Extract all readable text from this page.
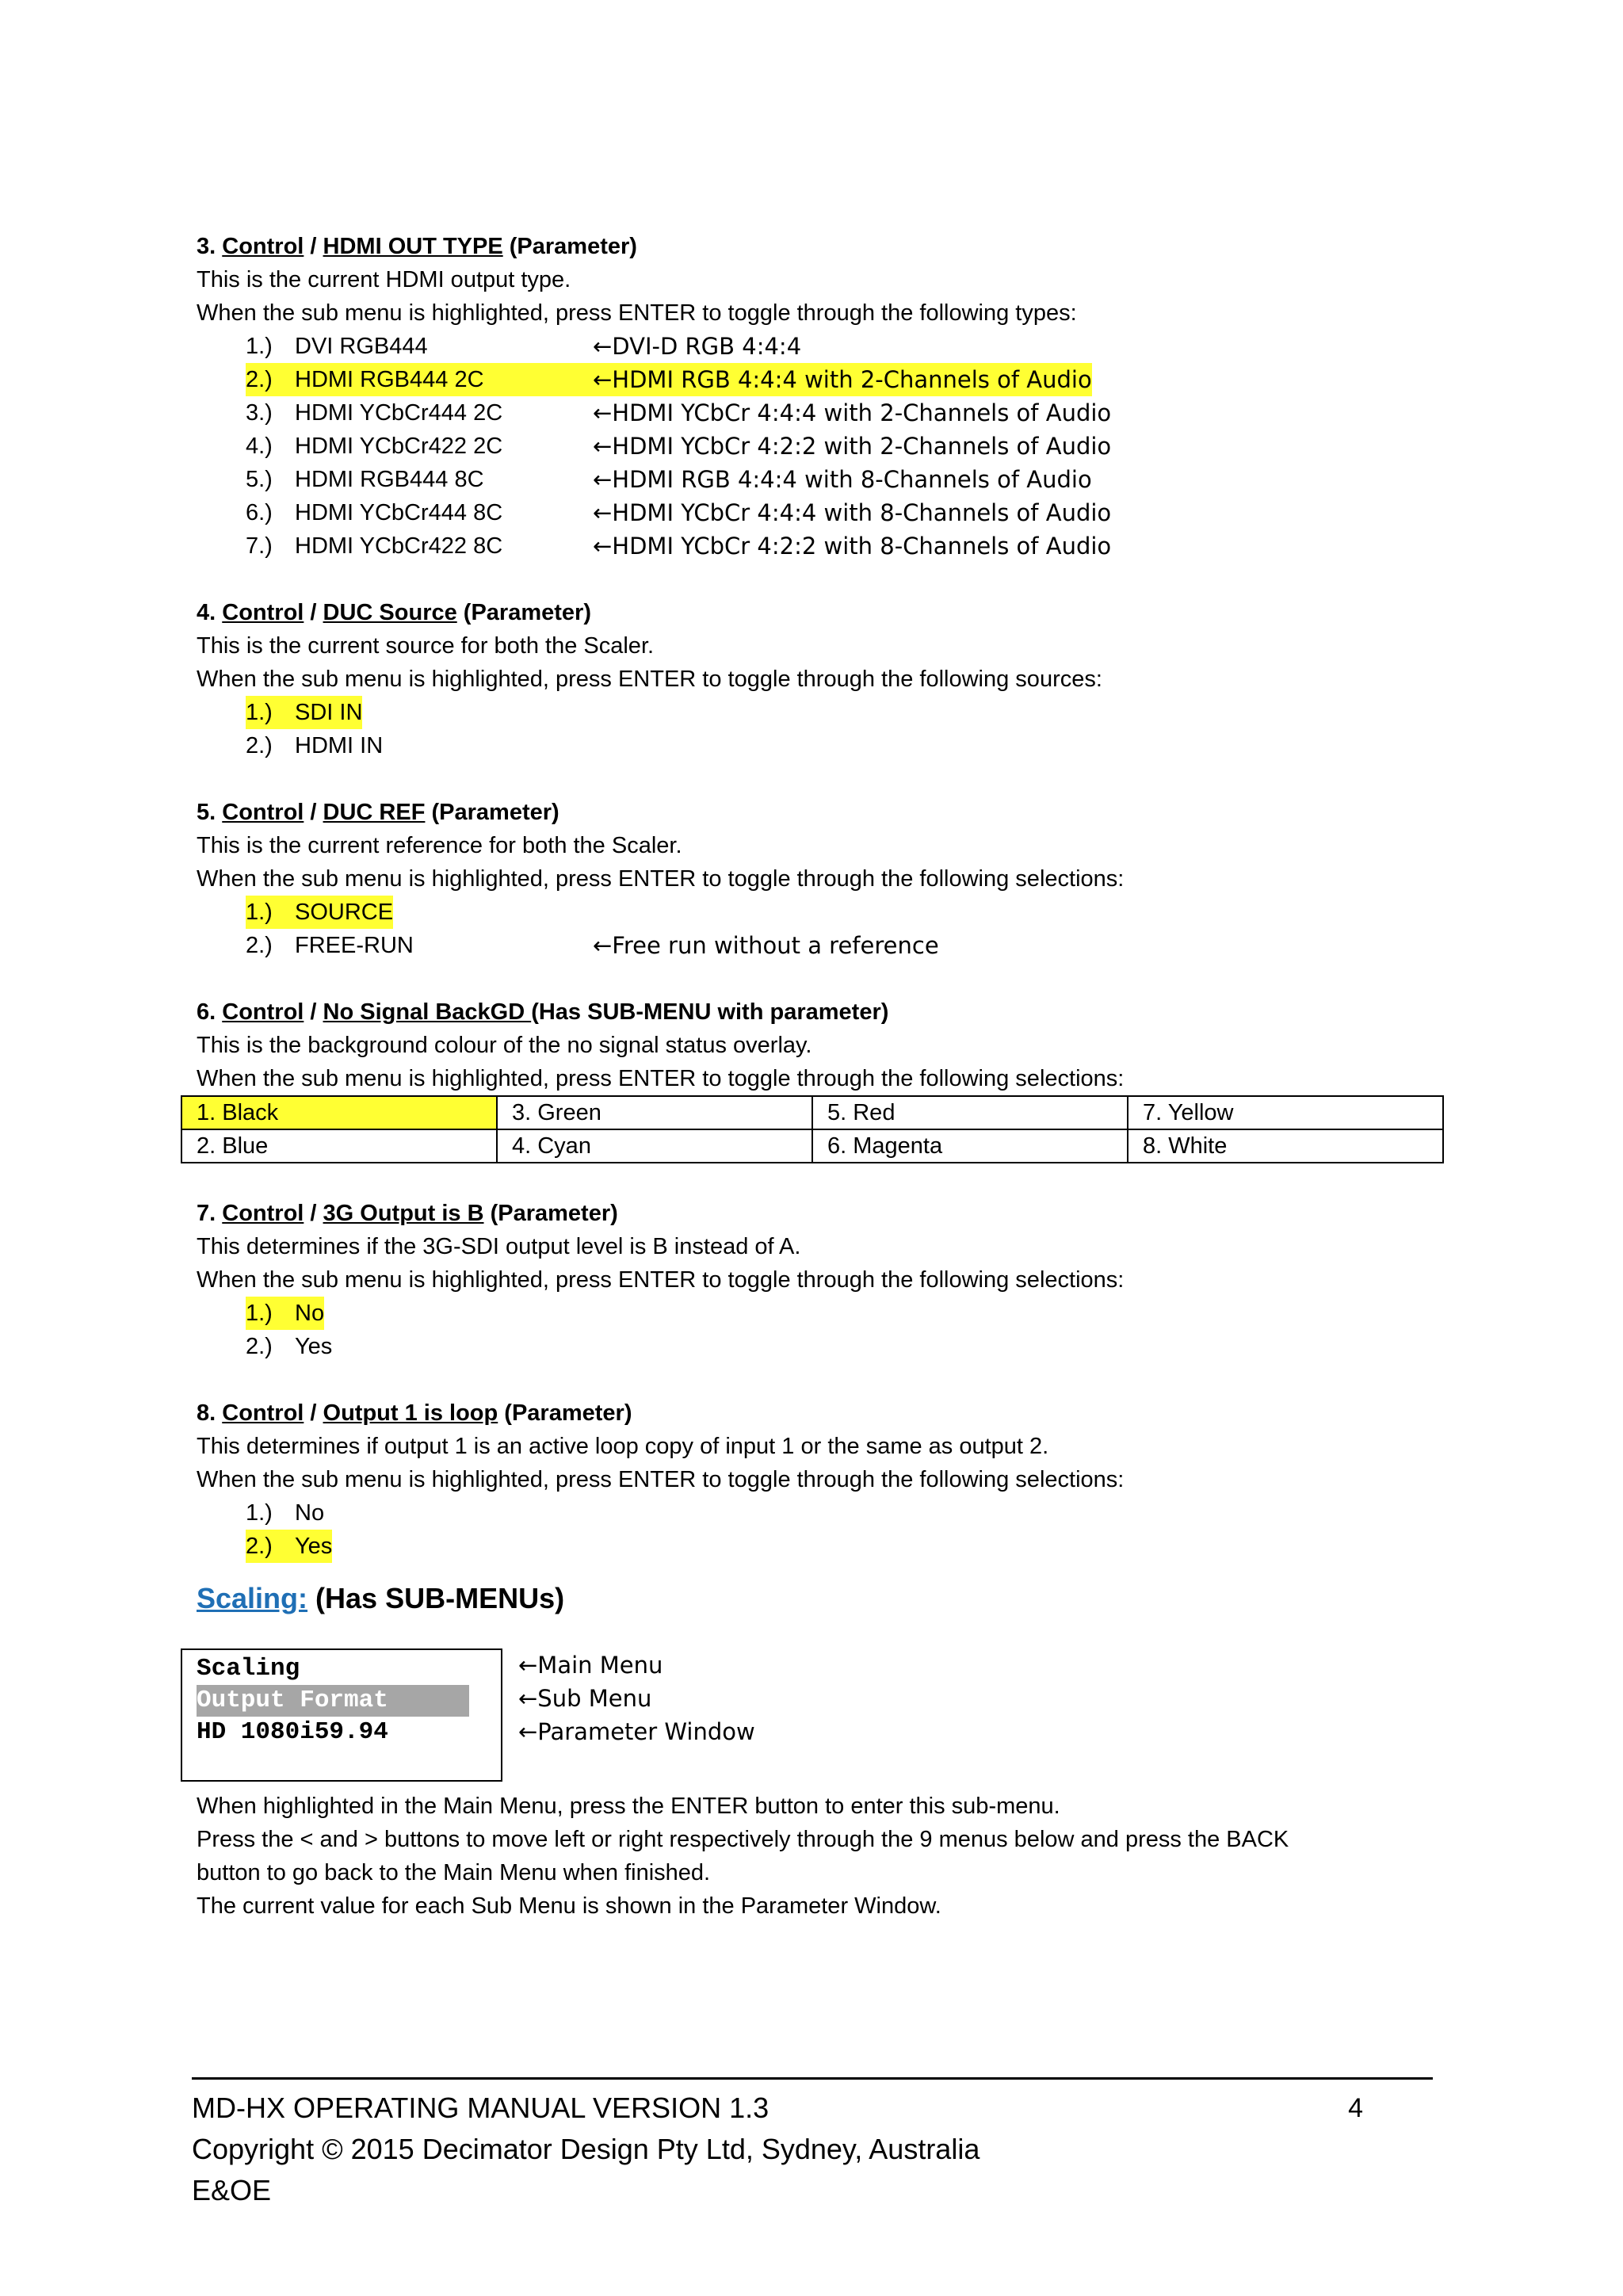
3. Control / HDMI OUT TYPE (Parameter)
This is the current HDMI output type.
When the sub menu is highlighted, press ENTER to toggle through the following types:
1.) DVI RGB444	←DVI-D RGB 4:4:4
2.) HDMI RGB444 2C	←HDMI RGB 4:4:4 with 2-Channels of Audio
3.) HDMI YCbCr444 2C	←HDMI YCbCr 4:4:4 with 2-Channels of Audio
4.) HDMI YCbCr422 2C	←HDMI YCbCr 4:2:2 with 2-Channels of Audio
5.) HDMI RGB444 8C	←HDMI RGB 4:4:4 with 8-Channels of Audio
6.) HDMI YCbCr444 8C	←HDMI YCbCr 4:4:4 with 8-Channels of Audio
7.) HDMI YCbCr422 8C	←HDMI YCbCr 4:2:2 with 8-Channels of Audio
4. Control / DUC Source (Parameter)
This is the current source for both the Scaler.
When the sub menu is highlighted, press ENTER to toggle through the following sources:
1.) SDI IN
2.) HDMI IN
5. Control / DUC REF (Parameter)
This is the current reference for both the Scaler.
When the sub menu is highlighted, press ENTER to toggle through the following selections:
1.) SOURCE
2.) FREE-RUN	←Free run without a reference
6. Control / No Signal BackGD (Has SUB-MENU with parameter)
This is the background colour of the no signal status overlay.
When the sub menu is highlighted, press ENTER to toggle through the following selections:
1. Black	3. Green	5. Red	7. Yellow
2. Blue	4. Cyan	6. Magenta	8. White
7. Control / 3G Output is B (Parameter)
This determines if the 3G-SDI output level is B instead of A.
When the sub menu is highlighted, press ENTER to toggle through the following selections:
1.) No
2.) Yes
8. Control / Output 1 is loop (Parameter)
This determines if output 1 is an active loop copy of input 1 or the same as output 2.
When the sub menu is highlighted, press ENTER to toggle through the following selections:
1.) No
2.) Yes
Scaling: (Has SUB-MENUs)
Scaling
Output Format
HD 1080i59.94
←Main Menu
←Sub Menu
←Parameter Window
When highlighted in the Main Menu, press the ENTER button to enter this sub-menu.
Press the < and > buttons to move left or right respectively through the 9 menus below and press the BACK
button to go back to the Main Menu when finished.
The current value for each Sub Menu is shown in the Parameter Window.
4
MD-HX OPERATING MANUAL VERSION 1.3
Copyright © 2015 Decimator Design Pty Ltd, Sydney, Australia
E&OE
